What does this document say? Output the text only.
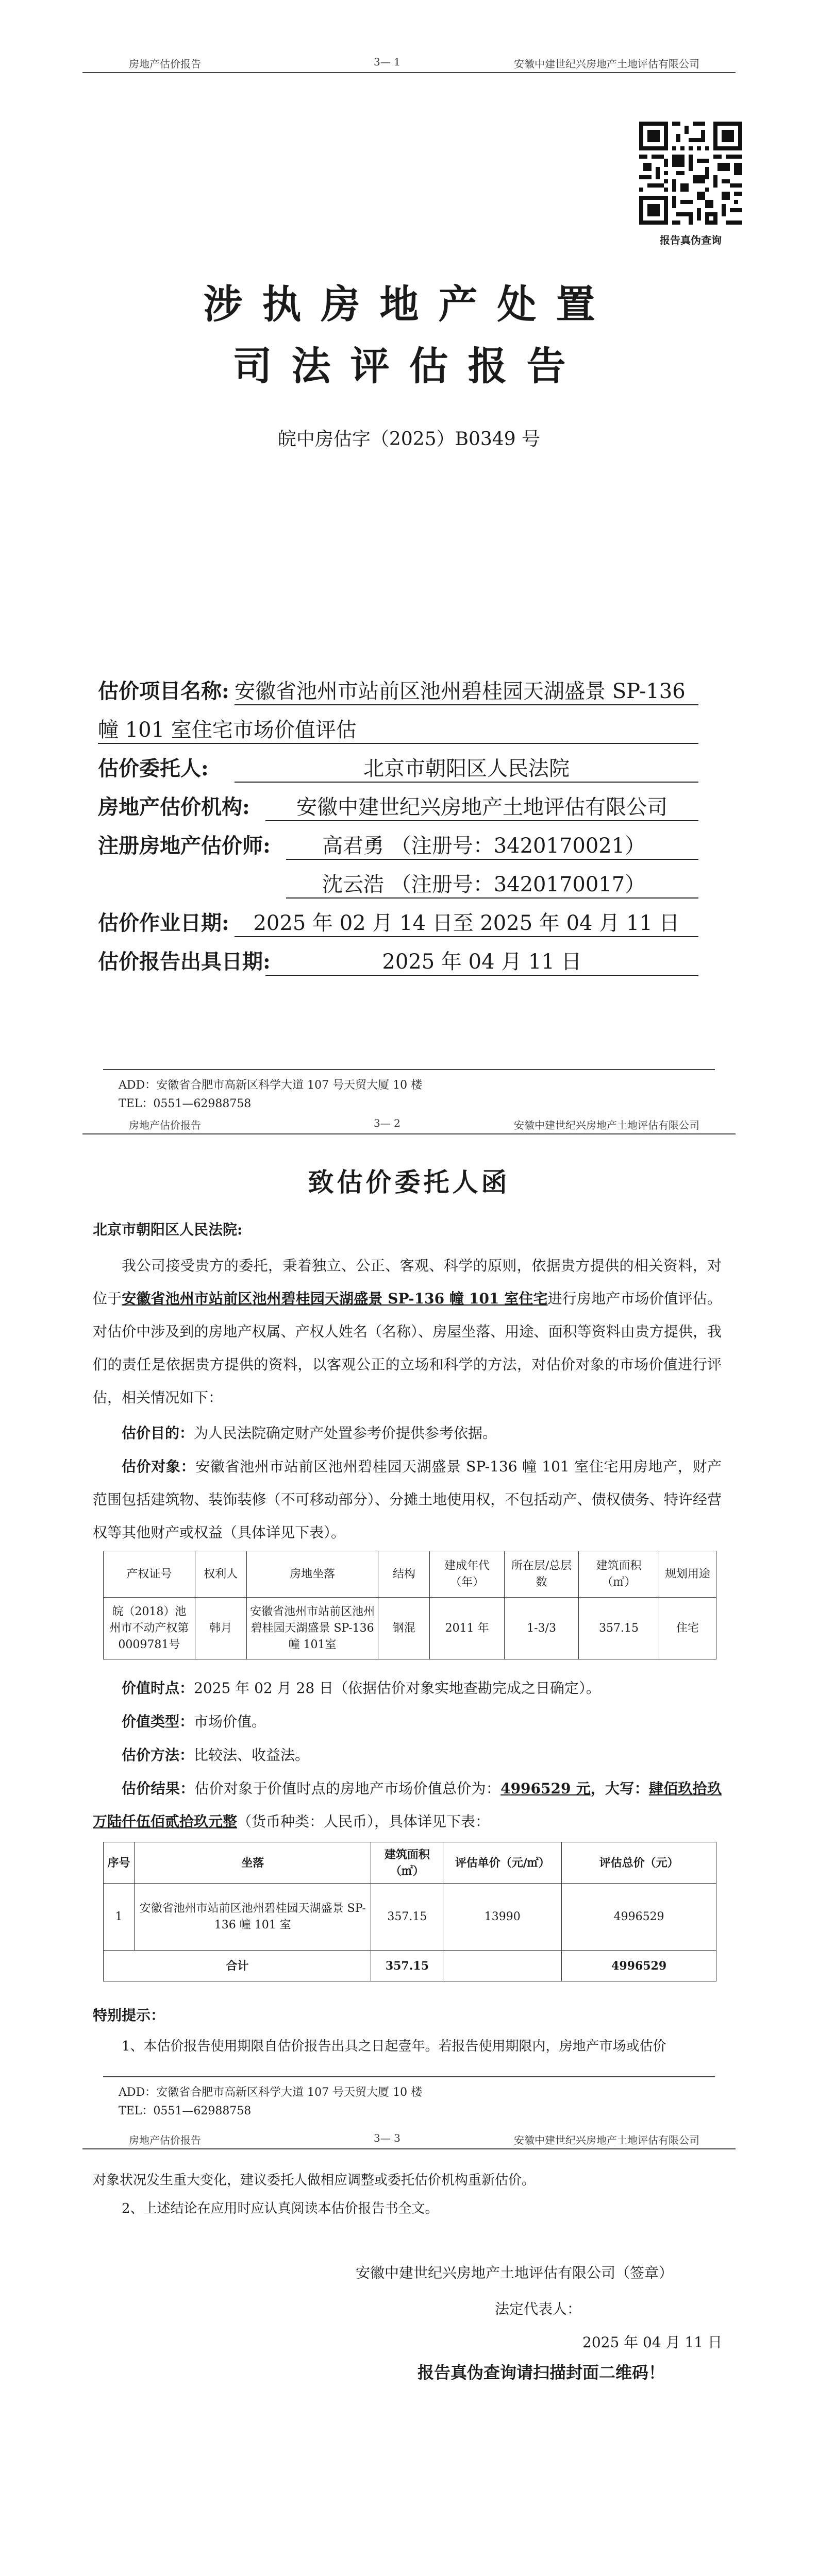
房地产估价报告	3— 1	安徽中建世纪兴房地产土地评估有限公司
报告真伪查询
涉执房地产处置
司法评估报告
皖中房估字（2025）B0349 号
估价项目名称: 安徽省池州市站前区池州碧桂园天湖盛景 SP-136
幢 101 室住宅市场价值评估
估价委托人:	北京市朝阳区人民法院
房地产估价机构:	安徽中建世纪兴房地产土地评估有限公司
注册房地产估价师:	高君勇 （注册号：3420170021）
沈云浩 （注册号：3420170017）
估价作业日期:	2025 年 02 月 14 日至 2025 年 04 月 11 日
估价报告出具日期:	2025 年 04 月 11 日
ADD：安徽省合肥市高新区科学大道 107 号天贸大厦 10 楼
TEL：0551—62988758
房地产估价报告	3— 2	安徽中建世纪兴房地产土地评估有限公司
致估价委托人函
北京市朝阳区人民法院:
我公司接受贵方的委托，秉着独立、公正、客观、科学的原则，依据贵方提供的相关资料，对位于安徽省池州市站前区池州碧桂园天湖盛景 SP-136 幢 101 室住宅进行房地产市场价值评估。对估价中涉及到的房地产权属、产权人姓名（名称）、房屋坐落、用途、面积等资料由贵方提供，我们的责任是依据贵方提供的资料，以客观公正的立场和科学的方法，对估价对象的市场价值进行评估，相关情况如下：
估价目的：为人民法院确定财产处置参考价提供参考依据。
估价对象：安徽省池州市站前区池州碧桂园天湖盛景 SP-136 幢 101 室住宅用房地产，财产范围包括建筑物、装饰装修（不可移动部分）、分摊土地使用权，不包括动产、债权债务、特许经营权等其他财产或权益（具体详见下表）。
产权证号	权利人	房地坐落	结构	建成年代（年）	所在层/总层数	建筑面积（㎡）	规划用途
皖（2018）池州市不动产权第0009781号	韩月	安徽省池州市站前区池州碧桂园天湖盛景 SP-136 幢 101室	钢混	2011 年	1-3/3	357.15	住宅
价值时点：2025 年 02 月 28 日（依据估价对象实地查勘完成之日确定）。
价值类型：市场价值。
估价方法：比较法、收益法。
估价结果：估价对象于价值时点的房地产市场价值总价为：4996529 元，大写：肆佰玖拾玖万陆仟伍佰贰拾玖元整（货币种类：人民币），具体详见下表：
序号	坐落	建筑面积（㎡）	评估单价（元/㎡）	评估总价（元）
1	安徽省池州市站前区池州碧桂园天湖盛景 SP-136 幢 101 室	357.15	13990	4996529
合计		357.15		4996529
特别提示：
1、本估价报告使用期限自估价报告出具之日起壹年。若报告使用期限内，房地产市场或估价
ADD：安徽省合肥市高新区科学大道 107 号天贸大厦 10 楼
TEL：0551—62988758
房地产估价报告	3— 3	安徽中建世纪兴房地产土地评估有限公司
对象状况发生重大变化，建议委托人做相应调整或委托估价机构重新估价。
2、上述结论在应用时应认真阅读本估价报告书全文。
安徽中建世纪兴房地产土地评估有限公司（签章）
法定代表人：
2025 年 04 月 11 日
报告真伪查询请扫描封面二维码！
